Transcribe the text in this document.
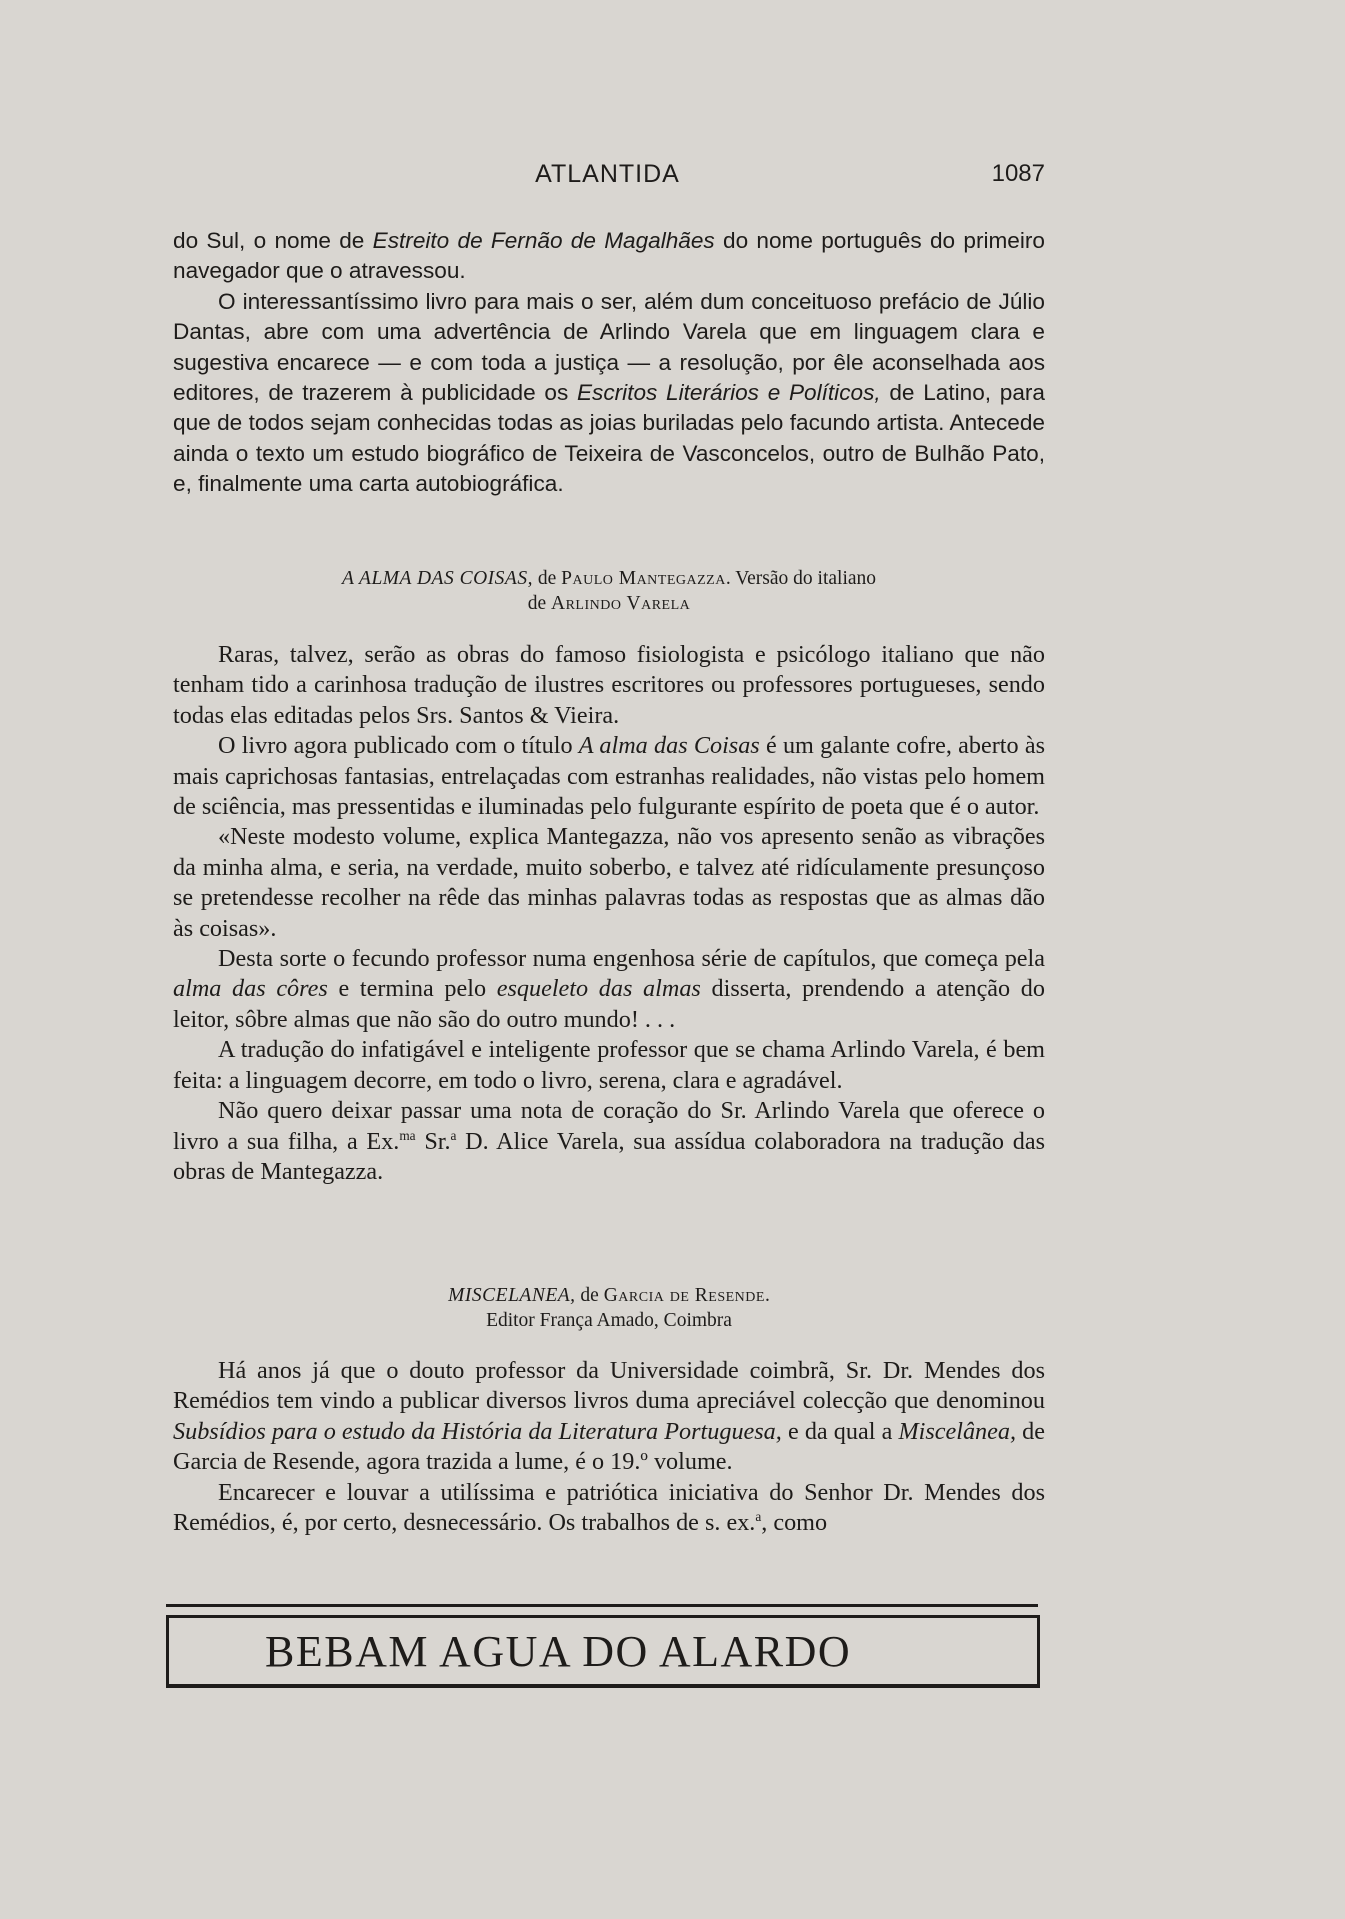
ATLANTIDA	1087

do Sul, o nome de Estreito de Fernão de Magalhães do nome português do primeiro navegador que o atravessou.

O interessantíssimo livro para mais o ser, além dum conceituoso prefácio de Júlio Dantas, abre com uma advertência de Arlindo Varela que em linguagem clara e sugestiva encarece — e com toda a justiça — a resolução, por êle aconselhada aos editores, de trazerem à publicidade os Escritos Literários e Políticos, de Latino, para que de todos sejam conhecidas todas as joias buriladas pelo facundo artista. Antecede ainda o texto um estudo biográfico de Teixeira de Vasconcelos, outro de Bulhão Pato, e, finalmente uma carta autobiográfica.

A ALMA DAS COISAS, de Paulo Mantegazza. Versão do italiano
de Arlindo Varela

Raras, talvez, serão as obras do famoso fisiologista e psicólogo italiano que não tenham tido a carinhosa tradução de ilustres escritores ou professores portugueses, sendo todas elas editadas pelos Srs. Santos & Vieira.

O livro agora publicado com o título A alma das Coisas é um galante cofre, aberto às mais caprichosas fantasias, entrelaçadas com estranhas realidades, não vistas pelo homem de sciência, mas pressentidas e iluminadas pelo fulgurante espírito de poeta que é o autor.

«Neste modesto volume, explica Mantegazza, não vos apresento senão as vibrações da minha alma, e seria, na verdade, muito soberbo, e talvez até ridículamente presunçoso se pretendesse recolher na rêde das minhas palavras todas as respostas que as almas dão às coisas».

Desta sorte o fecundo professor numa engenhosa série de capítulos, que começa pela alma das côres e termina pelo esqueleto das almas disserta, prendendo a atenção do leitor, sôbre almas que não são do outro mundo! . . .

A tradução do infatigável e inteligente professor que se chama Arlindo Varela, é bem feita: a linguagem decorre, em todo o livro, serena, clara e agradável.

Não quero deixar passar uma nota de coração do Sr. Arlindo Varela que oferece o livro a sua filha, a Ex.$^{ma}$ Sr.$^a$ D. Alice Varela, sua assídua colaboradora na tradução das obras de Mantegazza.

MISCELANEA, de Garcia de Resende.
Editor França Amado, Coimbra

Há anos já que o douto professor da Universidade coimbrã, Sr. Dr. Mendes dos Remédios tem vindo a publicar diversos livros duma apreciável colecção que denominou Subsídios para o estudo da História da Literatura Portuguesa, e da qual a Miscelânea, de Garcia de Resende, agora trazida a lume, é o 19.º volume.

Encarecer e louvar a utilíssima e patriótica iniciativa do Senhor Dr. Mendes dos Remédios, é, por certo, desnecessário. Os trabalhos de s. ex.$^a$, como

BEBAM AGUA DO ALARDO
